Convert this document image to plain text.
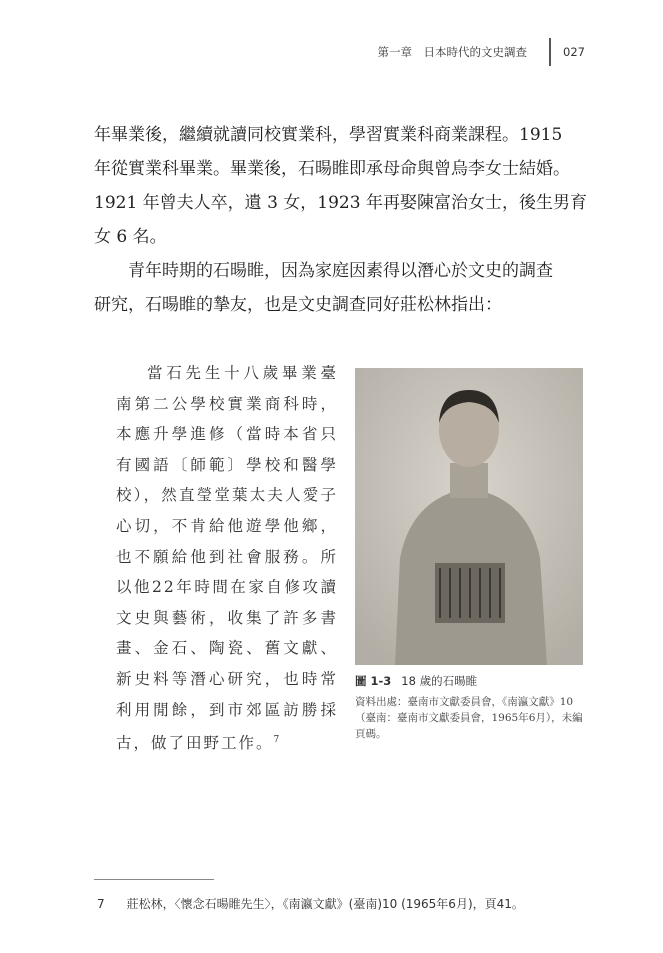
第一章　日本時代的文史調查	027

年畢業後，繼續就讀同校實業科，學習實業科商業課程。1915

年從實業科畢業。畢業後，石暘睢即承母命與曾烏李女士結婚。

1921 年曾夫人卒，遺 3 女，1923 年再娶陳富治女士，後生男育

女 6 名。

　　青年時期的石暘睢，因為家庭因素得以潛心於文史的調查

研究，石暘睢的摯友，也是文史調查同好莊松林指出：

當石先生十八歲畢業臺南第二公學校實業商科時，本應升學進修（當時本省只有國語〔師範〕學校和醫學校），然直瑩堂葉太夫人愛子心切，不肯給他遊學他鄉，也不願給他到社會服務。所以他22年時間在家自修攻讀文史與藝術，收集了許多書畫、金石、陶瓷、舊文獻、新史料等潛心研究，也時常利用閒餘，到市郊區訪勝採古，做了田野工作。$^7$

圖 1-3 18 歲的石暘睢
資料出處：臺南市文獻委員會，《南瀛文獻》10（臺南：臺南市文獻委員會，1965年6月），未編頁碼。
7 莊松林，〈懷念石暘睢先生〉，《南瀛文獻》(臺南)10 (1965年6月)，頁41。
